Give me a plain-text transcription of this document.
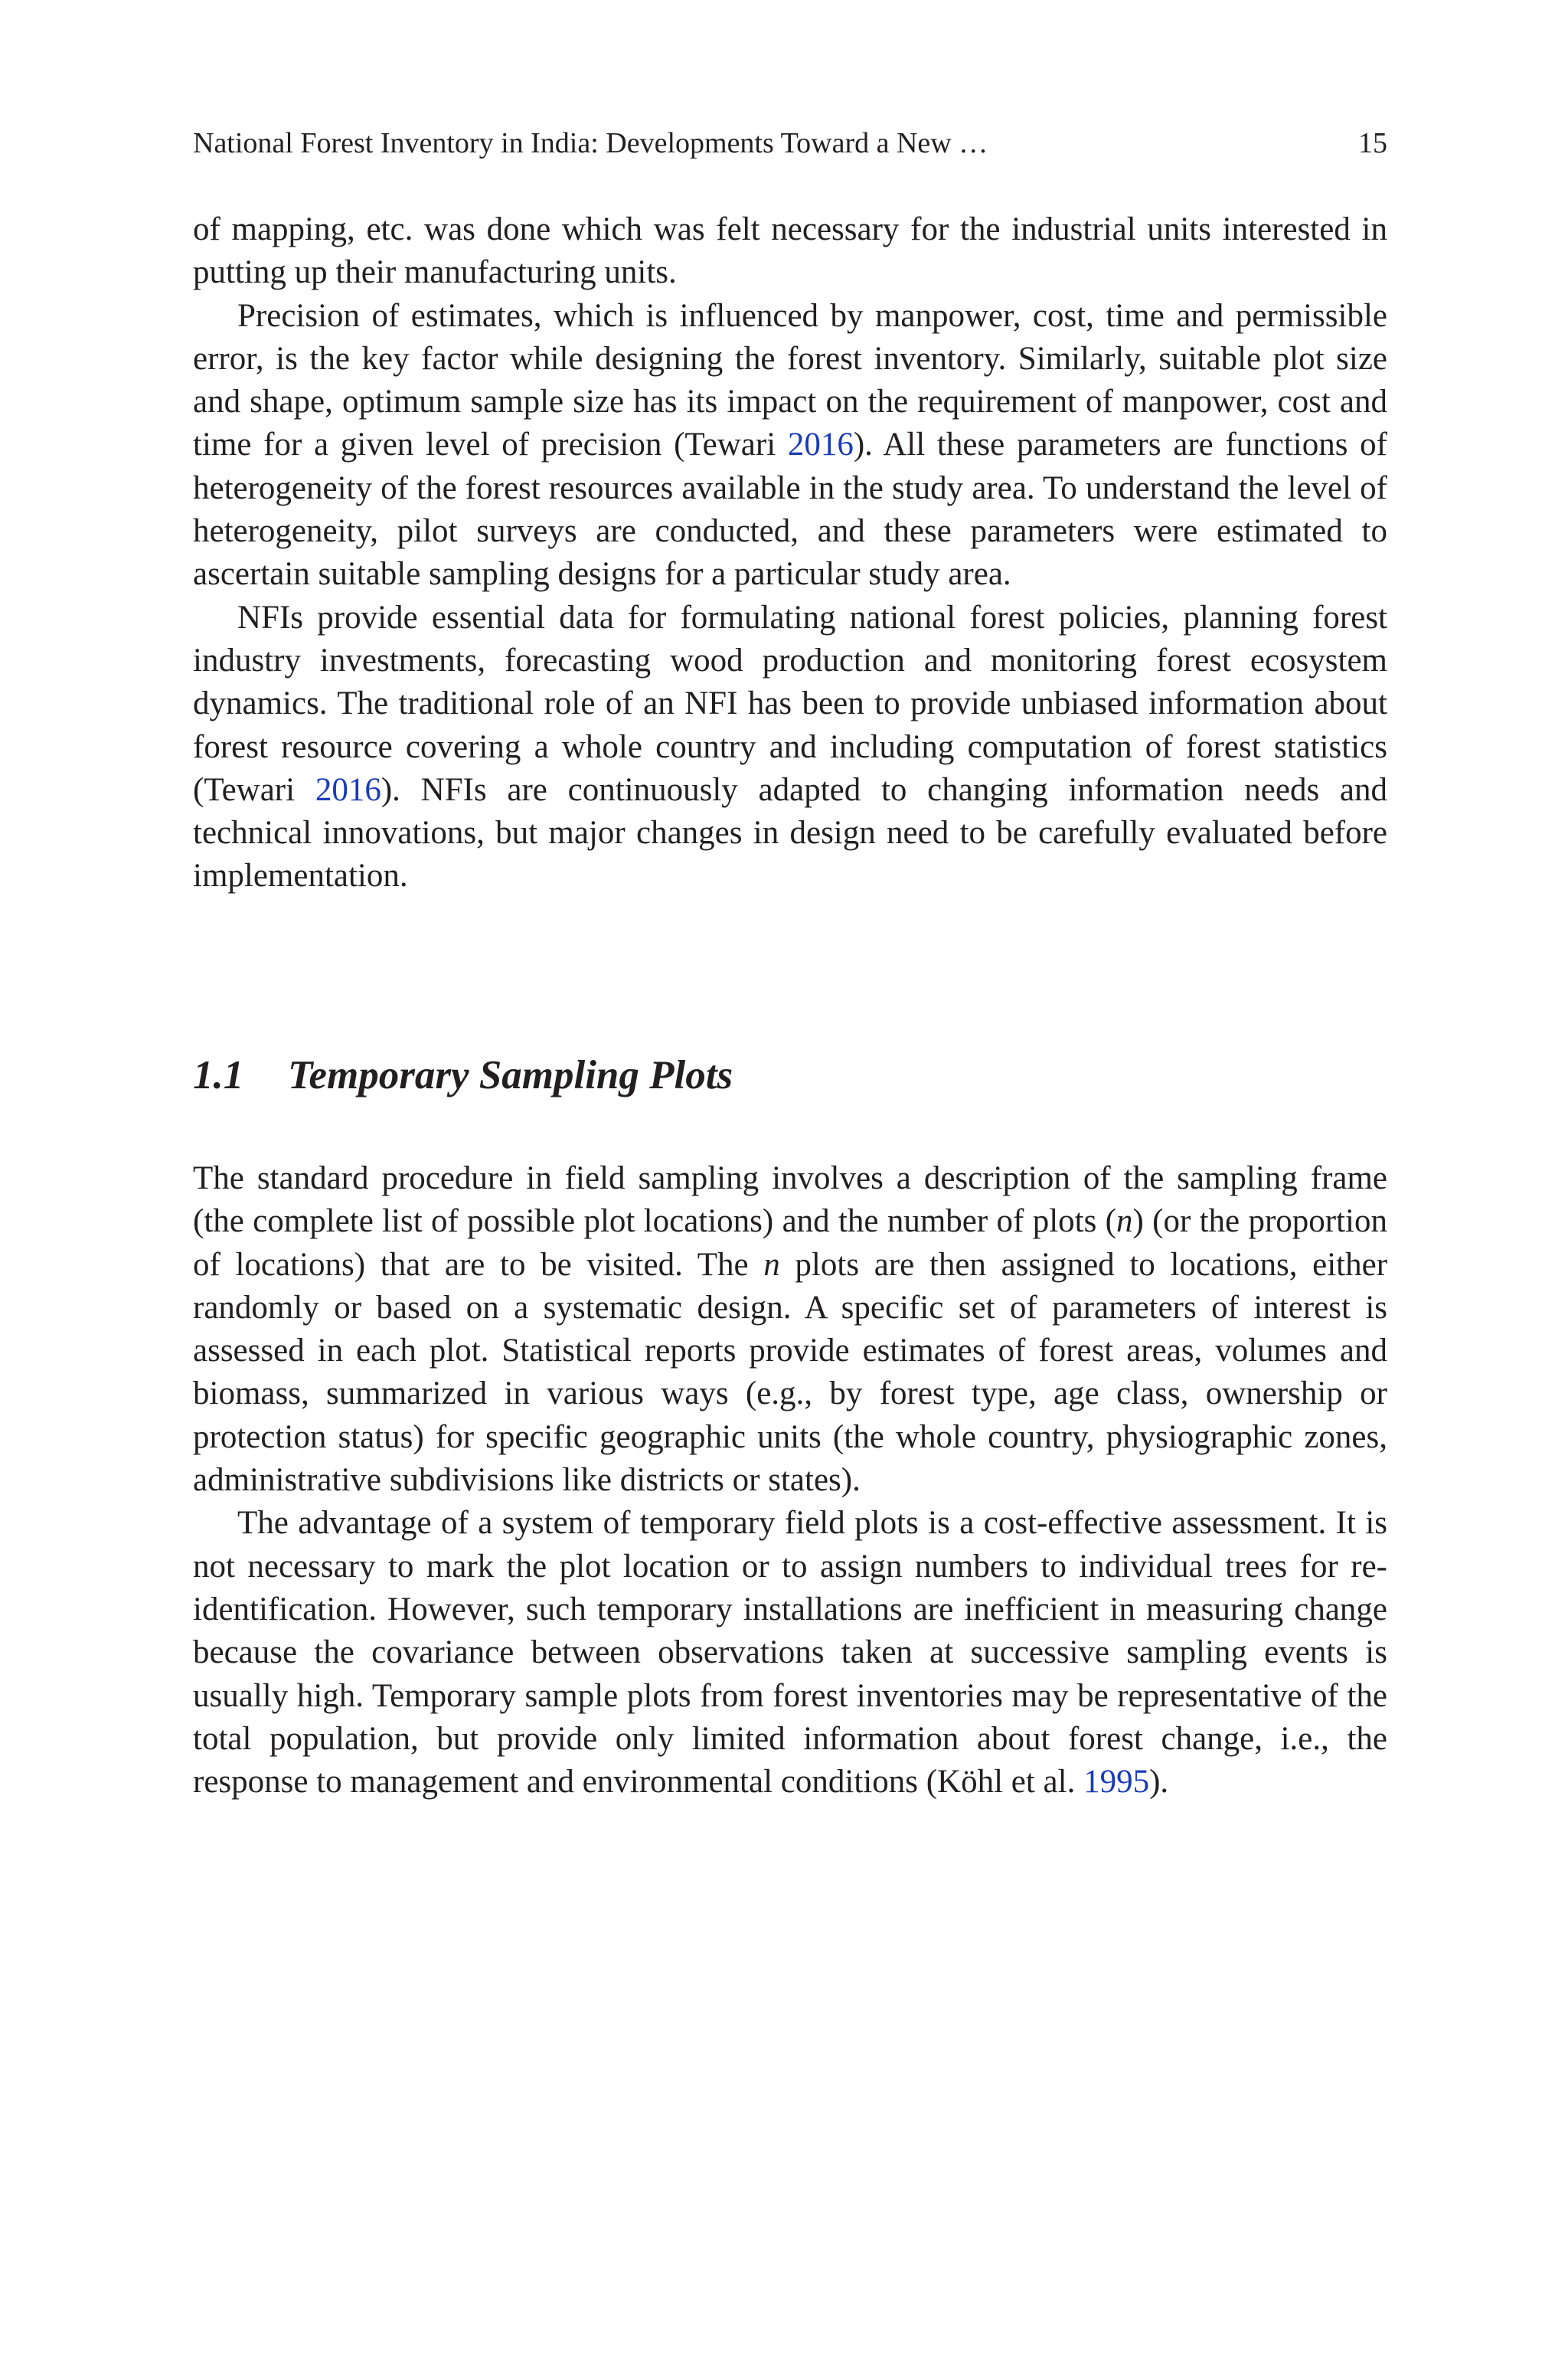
National Forest Inventory in India: Developments Toward a New …	15

of mapping, etc. was done which was felt necessary for the industrial units interested in putting up their manufacturing units.

Precision of estimates, which is influenced by manpower, cost, time and permissible error, is the key factor while designing the forest inventory. Similarly, suitable plot size and shape, optimum sample size has its impact on the requirement of manpower, cost and time for a given level of precision (Tewari 2016). All these parameters are functions of heterogeneity of the forest resources available in the study area. To understand the level of heterogeneity, pilot surveys are conducted, and these parameters were estimated to ascertain suitable sampling designs for a particular study area.

NFIs provide essential data for formulating national forest policies, planning forest industry investments, forecasting wood production and monitoring forest ecosystem dynamics. The traditional role of an NFI has been to provide unbiased information about forest resource covering a whole country and including computation of forest statistics (Tewari 2016). NFIs are continuously adapted to changing information needs and technical innovations, but major changes in design need to be carefully evaluated before implementation.

1.1 Temporary Sampling Plots

The standard procedure in field sampling involves a description of the sampling frame (the complete list of possible plot locations) and the number of plots (n) (or the proportion of locations) that are to be visited. The n plots are then assigned to locations, either randomly or based on a systematic design. A specific set of parameters of interest is assessed in each plot. Statistical reports provide estimates of forest areas, volumes and biomass, summarized in various ways (e.g., by forest type, age class, ownership or protection status) for specific geographic units (the whole country, physiographic zones, administrative subdivisions like districts or states).

The advantage of a system of temporary field plots is a cost-effective assessment. It is not necessary to mark the plot location or to assign numbers to individual trees for re-identification. However, such temporary installations are inefficient in measuring change because the covariance between observations taken at successive sampling events is usually high. Temporary sample plots from forest inventories may be representative of the total population, but provide only limited information about forest change, i.e., the response to management and environmental conditions (Köhl et al. 1995).
